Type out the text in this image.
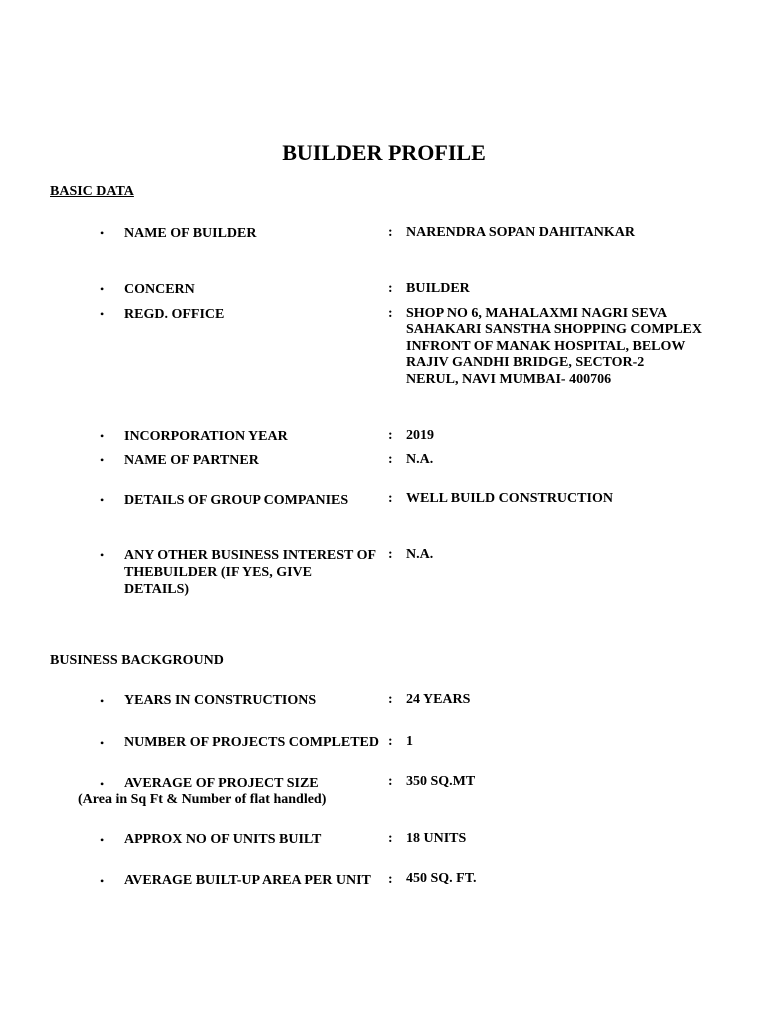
BUILDER PROFILE
BASIC DATA
• NAME OF BUILDER	: NARENDRA SOPAN DAHITANKAR
• CONCERN	: BUILDER
• REGD. OFFICE	: SHOP NO 6, MAHALAXMI NAGRI SEVA
SAHAKARI SANSTHA SHOPPING COMPLEX
INFRONT OF MANAK HOSPITAL, BELOW
RAJIV GANDHI BRIDGE, SECTOR-2
NERUL, NAVI MUMBAI- 400706
• INCORPORATION YEAR	: 2019
• NAME OF PARTNER	: N.A.
• DETAILS OF GROUP COMPANIES	: WELL BUILD CONSTRUCTION
• ANY OTHER BUSINESS INTEREST OF
THEBUILDER (IF YES, GIVE
DETAILS)
: N.A.
BUSINESS BACKGROUND
• YEARS IN CONSTRUCTIONS	: 24 YEARS
• NUMBER OF PROJECTS COMPLETED : 1
• AVERAGE OF PROJECT SIZE
(Area in Sq Ft & Number of flat handled)
: 350 SQ.MT
• APPROX NO OF UNITS BUILT	: 18 UNITS
• AVERAGE BUILT-UP AREA PER UNIT : 450 SQ. FT.
